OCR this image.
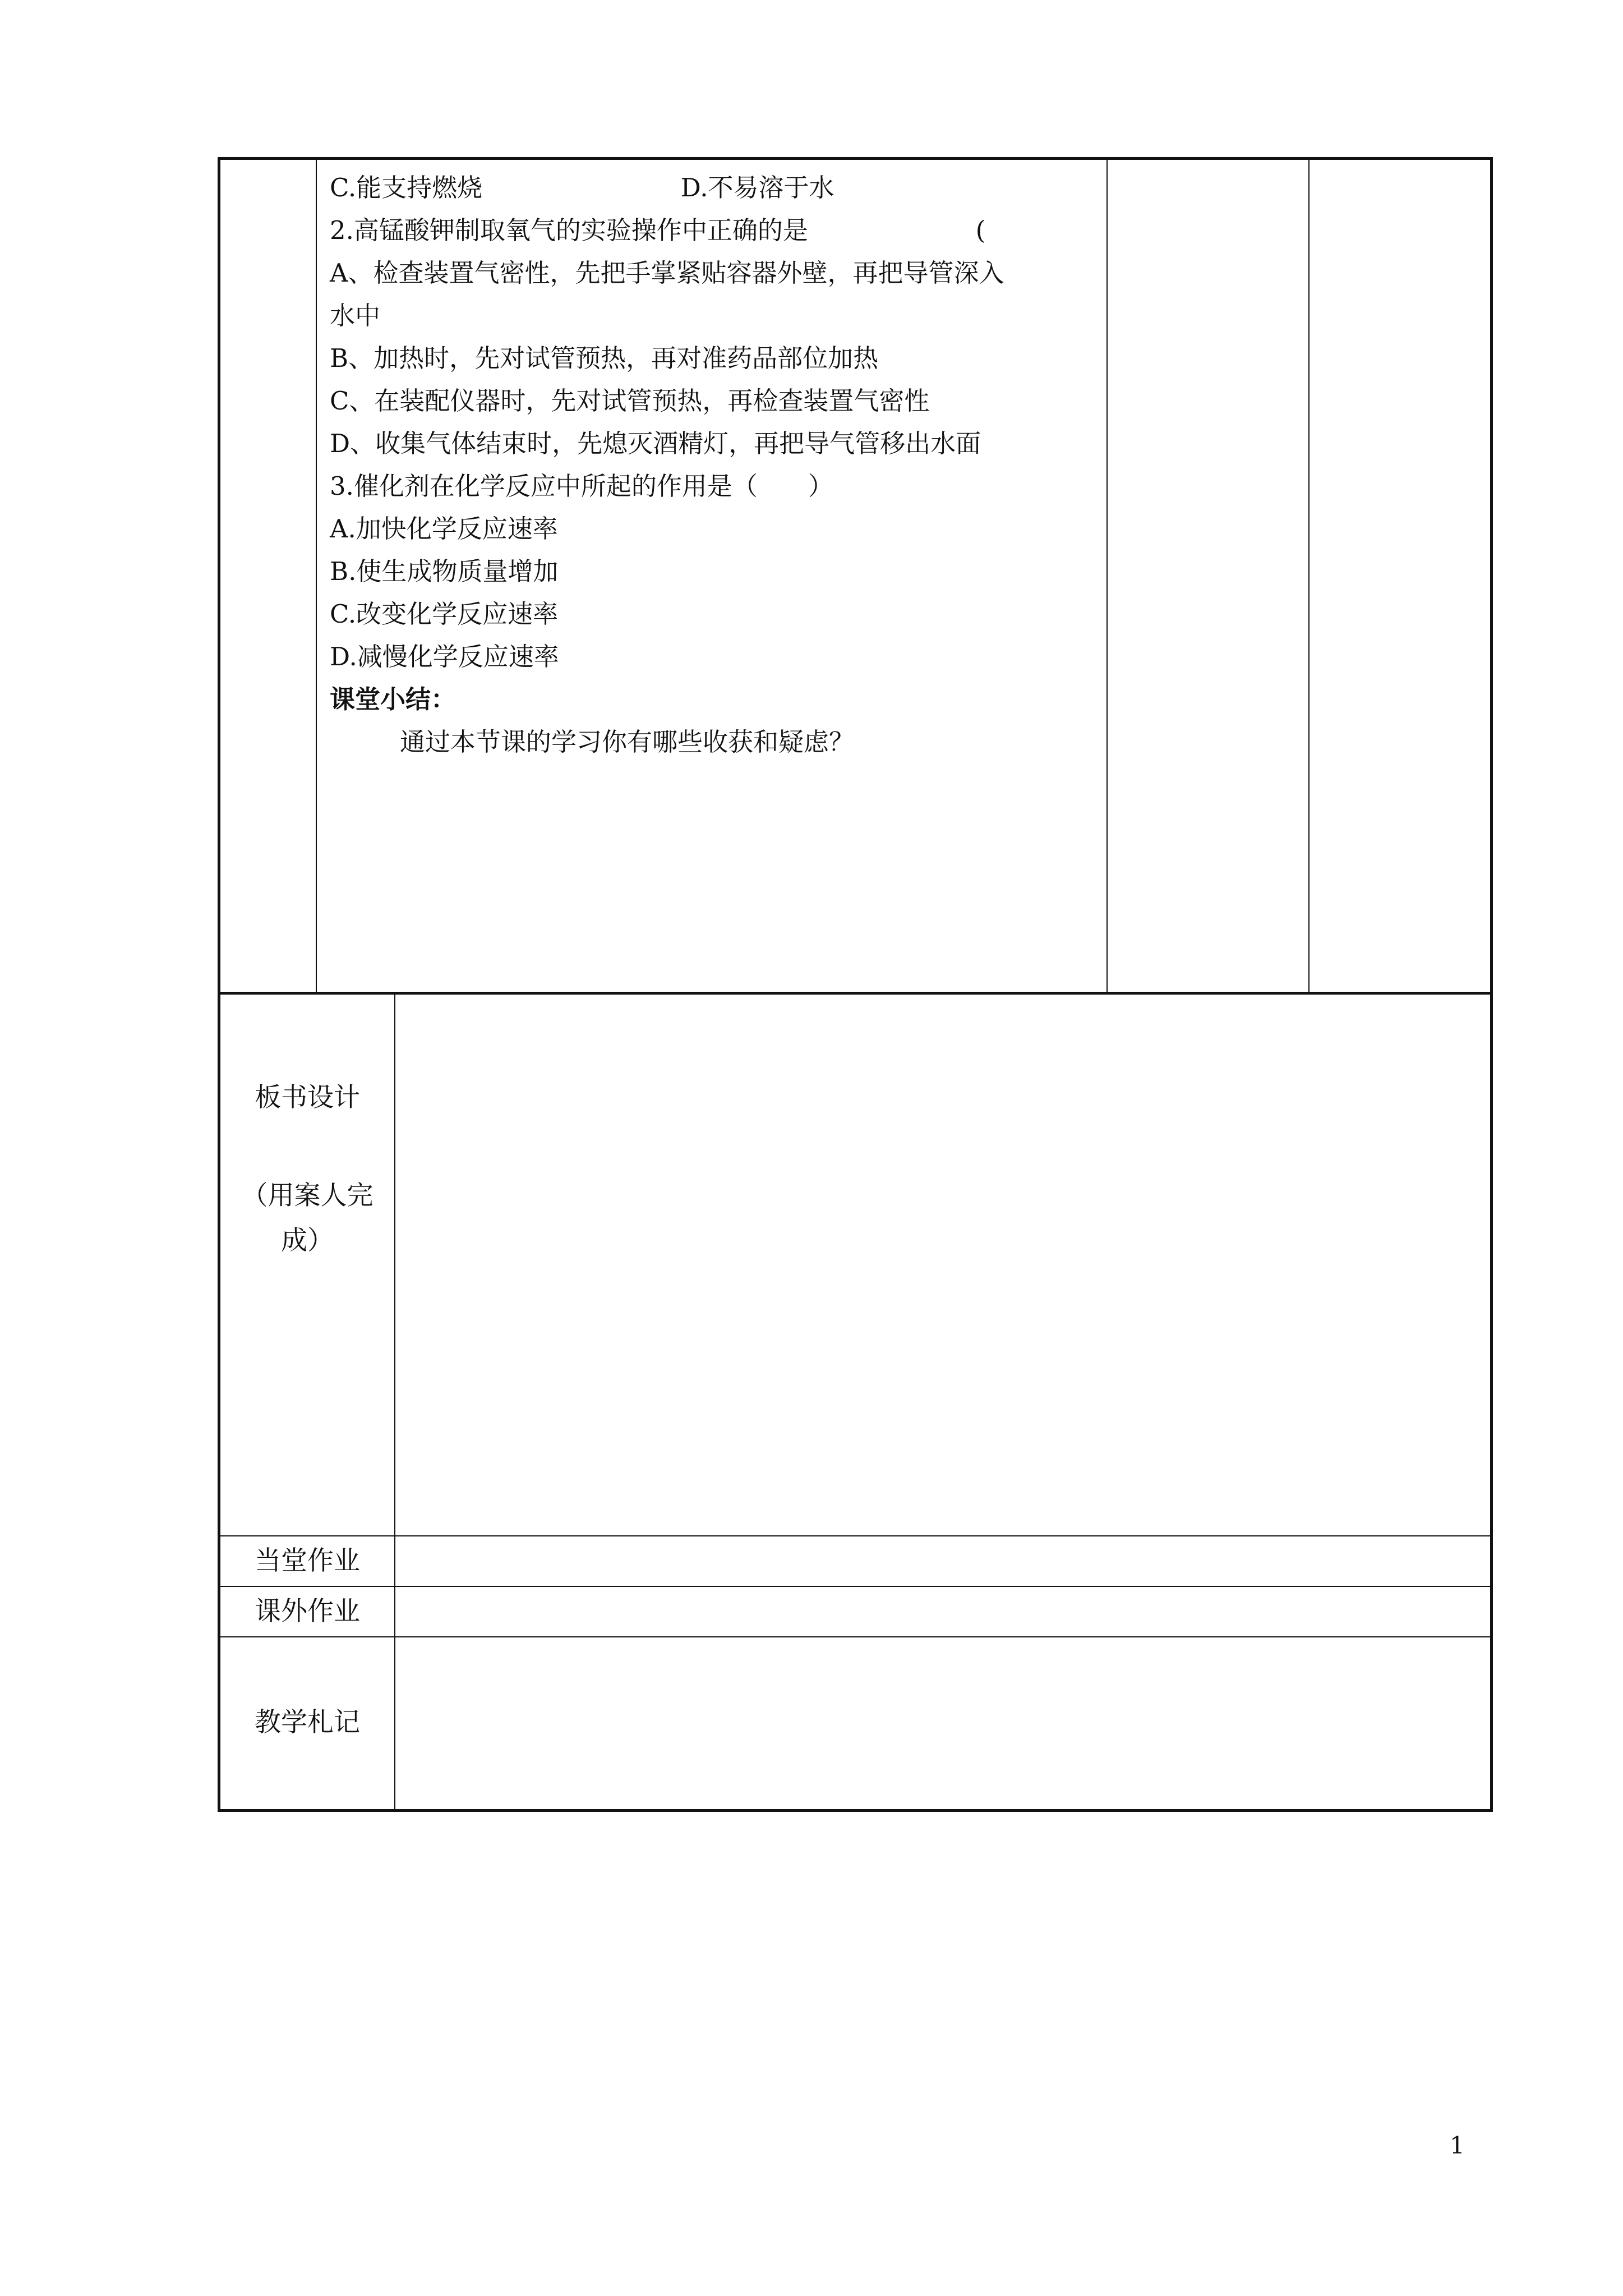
C.能支持燃烧	D.不易溶于水
2.高锰酸钾制取氧气的实验操作中正确的是	(
A、检查装置气密性，先把手掌紧贴容器外壁，再把导管深入
水中
B、加热时，先对试管预热，再对准药品部位加热
C、在装配仪器时，先对试管预热，再检查装置气密性
D、收集气体结束时，先熄灭酒精灯，再把导气管移出水面
3.催化剂在化学反应中所起的作用是（　　）
A.加快化学反应速率
B.使生成物质量增加
C.改变化学反应速率
D.减慢化学反应速率
课堂小结：
通过本节课的学习你有哪些收获和疑虑？
板书设计
（用案人完
成）
当堂作业
课外作业
教学札记
1
